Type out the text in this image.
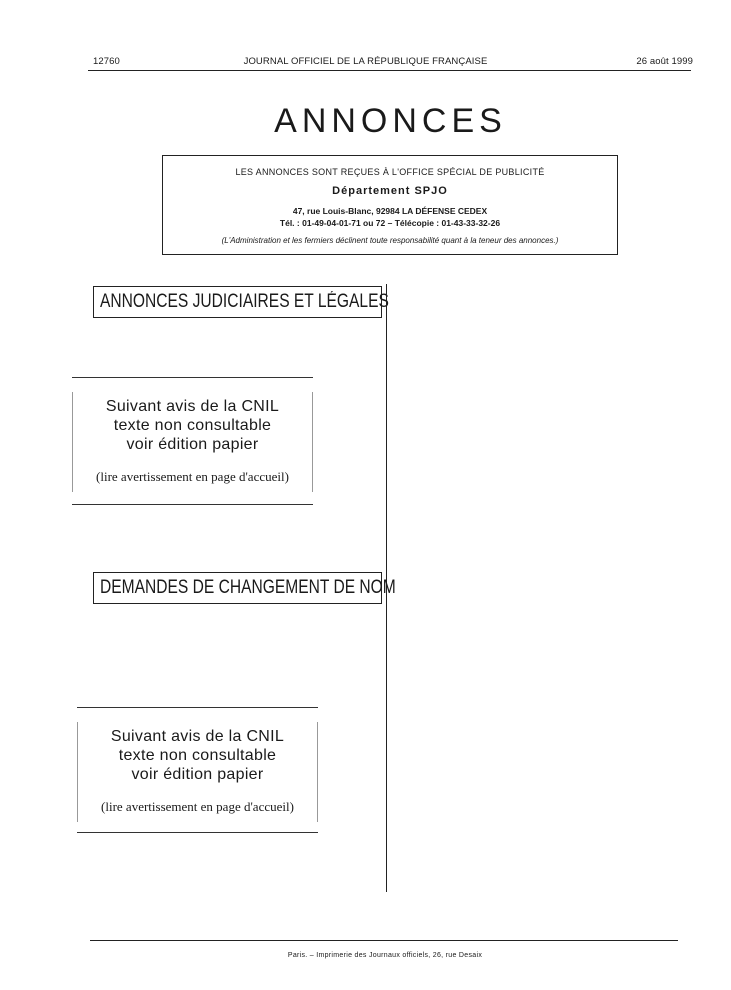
12760	JOURNAL OFFICIEL DE LA RÉPUBLIQUE FRANÇAISE	26 août 1999
ANNONCES
LES ANNONCES SONT REÇUES À L'OFFICE SPÉCIAL DE PUBLICITÉ
Département SPJO
47, rue Louis-Blanc, 92984 LA DÉFENSE CEDEX
Tél. : 01-49-04-01-71 ou 72 – Télécopie : 01-43-33-32-26
(L'Administration et les fermiers déclinent toute responsabilité quant à la teneur des annonces.)
ANNONCES JUDICIAIRES ET LÉGALES
Suivant avis de la CNIL
texte non consultable
voir édition papier
(lire avertissement en page d'accueil)
DEMANDES DE CHANGEMENT DE NOM
Suivant avis de la CNIL
texte non consultable
voir édition papier
(lire avertissement en page d'accueil)
Paris. – Imprimerie des Journaux officiels, 26, rue Desaix
